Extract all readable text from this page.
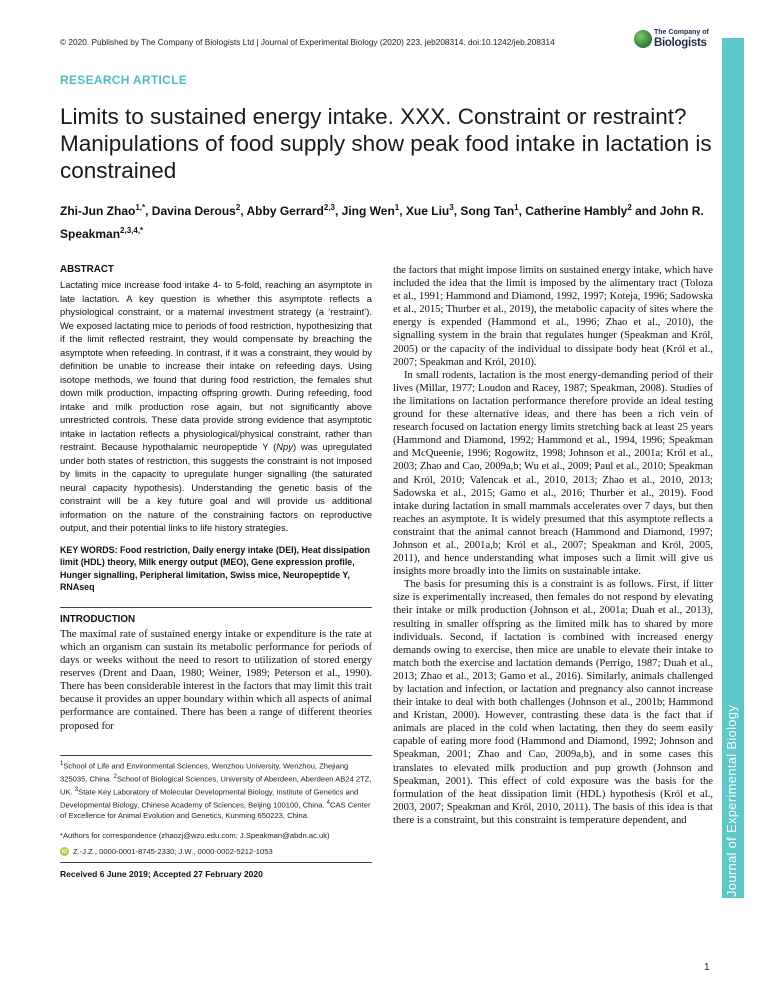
© 2020. Published by The Company of Biologists Ltd | Journal of Experimental Biology (2020) 223, jeb208314. doi:10.1242/jeb.208314
The Company of
Biologists
Journal of Experimental Biology
RESEARCH ARTICLE
Limits to sustained energy intake. XXX. Constraint or restraint? Manipulations of food supply show peak food intake in lactation is constrained
Zhi-Jun Zhao$^{1,*}$, Davina Derous$^2$, Abby Gerrard$^{2,3}$, Jing Wen$^1$, Xue Liu$^3$, Song Tan$^1$, Catherine Hambly$^2$ and John R. Speakman$^{2,3,4,*}$
ABSTRACT

Lactating mice increase food intake 4- to 5-fold, reaching an asymptote in late lactation. A key question is whether this asymptote reflects a physiological constraint, or a maternal investment strategy (a ‘restraint’). We exposed lactating mice to periods of food restriction, hypothesizing that if the limit reflected restraint, they would compensate by breaching the asymptote when refeeding. In contrast, if it was a constraint, they would by definition be unable to increase their intake on refeeding days. Using isotope methods, we found that during food restriction, the females shut down milk production, impacting offspring growth. During refeeding, food intake and milk production rose again, but not significantly above unrestricted controls. These data provide strong evidence that asymptotic intake in lactation reflects a physiological/physical constraint, rather than restraint. Because hypothalamic neuropeptide Y (Npy) was upregulated under both states of restriction, this suggests the constraint is not imposed by limits in the capacity to upregulate hunger signalling (the saturated neural capacity hypothesis). Understanding the genetic basis of the constraint will be a key future goal and will provide us additional information on the nature of the constraining factors on reproductive output, and their potential links to life history strategies.

KEY WORDS: Food restriction, Daily energy intake (DEI), Heat dissipation limit (HDL) theory, Milk energy output (MEO), Gene expression profile, Hunger signalling, Peripheral limitation, Swiss mice, Neuropeptide Y, RNAseq

INTRODUCTION

The maximal rate of sustained energy intake or expenditure is the rate at which an organism can sustain its metabolic performance for periods of days or weeks without the need to resort to utilization of stored energy reserves (Drent and Daan, 1980; Weiner, 1989; Peterson et al., 1990). There has been considerable interest in the factors that may limit this trait because it provides an upper boundary within which all aspects of animal performance are contained. There has been a range of different theories proposed for

$^1$School of Life and Environmental Sciences, Wenzhou University, Wenzhou, Zhejiang 325035, China. $^2$School of Biological Sciences, University of Aberdeen, Aberdeen AB24 2TZ, UK. $^3$State Key Laboratory of Molecular Developmental Biology, Institute of Genetics and Developmental Biology, Chinese Academy of Sciences, Beijing 100100, China. $^4$CAS Center of Excellence for Animal Evolution and Genetics, Kunming 650223, China.

*Authors for correspondence (zhaozj@wzu.edu.com; J.Speakman@abdn.ac.uk)

iD Z.-J.Z., 0000-0001-8745-2330; J.W., 0000-0002-5212-1053
Received 6 June 2019; Accepted 27 February 2020

the factors that might impose limits on sustained energy intake, which have included the idea that the limit is imposed by the alimentary tract (Toloza et al., 1991; Hammond and Diamond, 1992, 1997; Koteja, 1996; Sadowska et al., 2015; Thurber et al., 2019), the metabolic capacity of sites where the energy is expended (Hammond et al., 1996; Zhao et al., 2010), the signalling system in the brain that regulates hunger (Speakman and Król, 2005) or the capacity of the individual to dissipate body heat (Król et al., 2007; Speakman and Król, 2010).

In small rodents, lactation is the most energy-demanding period of their lives (Millar, 1977; Loudon and Racey, 1987; Speakman, 2008). Studies of the limitations on lactation performance therefore provide an ideal testing ground for these alternative ideas, and there has been a rich vein of research focused on lactation energy limits stretching back at least 25 years (Hammond and Diamond, 1992; Hammond et al., 1994, 1996; Speakman and McQueenie, 1996; Rogowitz, 1998; Johnson et al., 2001a; Król et al., 2003; Zhao and Cao, 2009a,b; Wu et al., 2009; Paul et al., 2010; Speakman and Król, 2010; Valencak et al., 2010, 2013; Zhao et al., 2010, 2013; Sadowska et al., 2015; Gamo et al., 2016; Thurber et al., 2019). Food intake during lactation in small mammals accelerates over 7 days, but then reaches an asymptote. It is widely presumed that this asymptote reflects a constraint that the animal cannot breach (Hammond and Diamond, 1997; Johnson et al., 2001a,b; Król et al., 2007; Speakman and Król, 2005, 2011), and hence understanding what imposes such a limit will give us insights more broadly into the limits on sustainable intake.

The basis for presuming this is a constraint is as follows. First, if litter size is experimentally increased, then females do not respond by elevating their intake or milk production (Johnson et al., 2001a; Duah et al., 2013), resulting in smaller offspring as the limited milk has to shared by more individuals. Second, if lactation is combined with increased energy demands owing to exercise, then mice are unable to elevate their intake to match both the exercise and lactation demands (Perrigo, 1987; Duah et al., 2013; Zhao et al., 2013; Gamo et al., 2016). Similarly, animals challenged by lactation and infection, or lactation and pregnancy also cannot increase their intake to deal with both challenges (Johnson et al., 2001b; Hammond and Kristan, 2000). However, contrasting these data is the fact that if animals are placed in the cold when lactating, then they do seem easily capable of eating more food (Hammond and Diamond, 1992; Johnson and Speakman, 2001; Zhao and Cao, 2009a,b), and in some cases this translates to elevated milk production and pup growth (Johnson and Speakman, 2001). This effect of cold exposure was the basis for the formulation of the heat dissipation limit (HDL) hypothesis (Król et al., 2003, 2007; Speakman and Król, 2010, 2011). The basis of this idea is that there is a constraint, but this constraint is temperature dependent, and

1
